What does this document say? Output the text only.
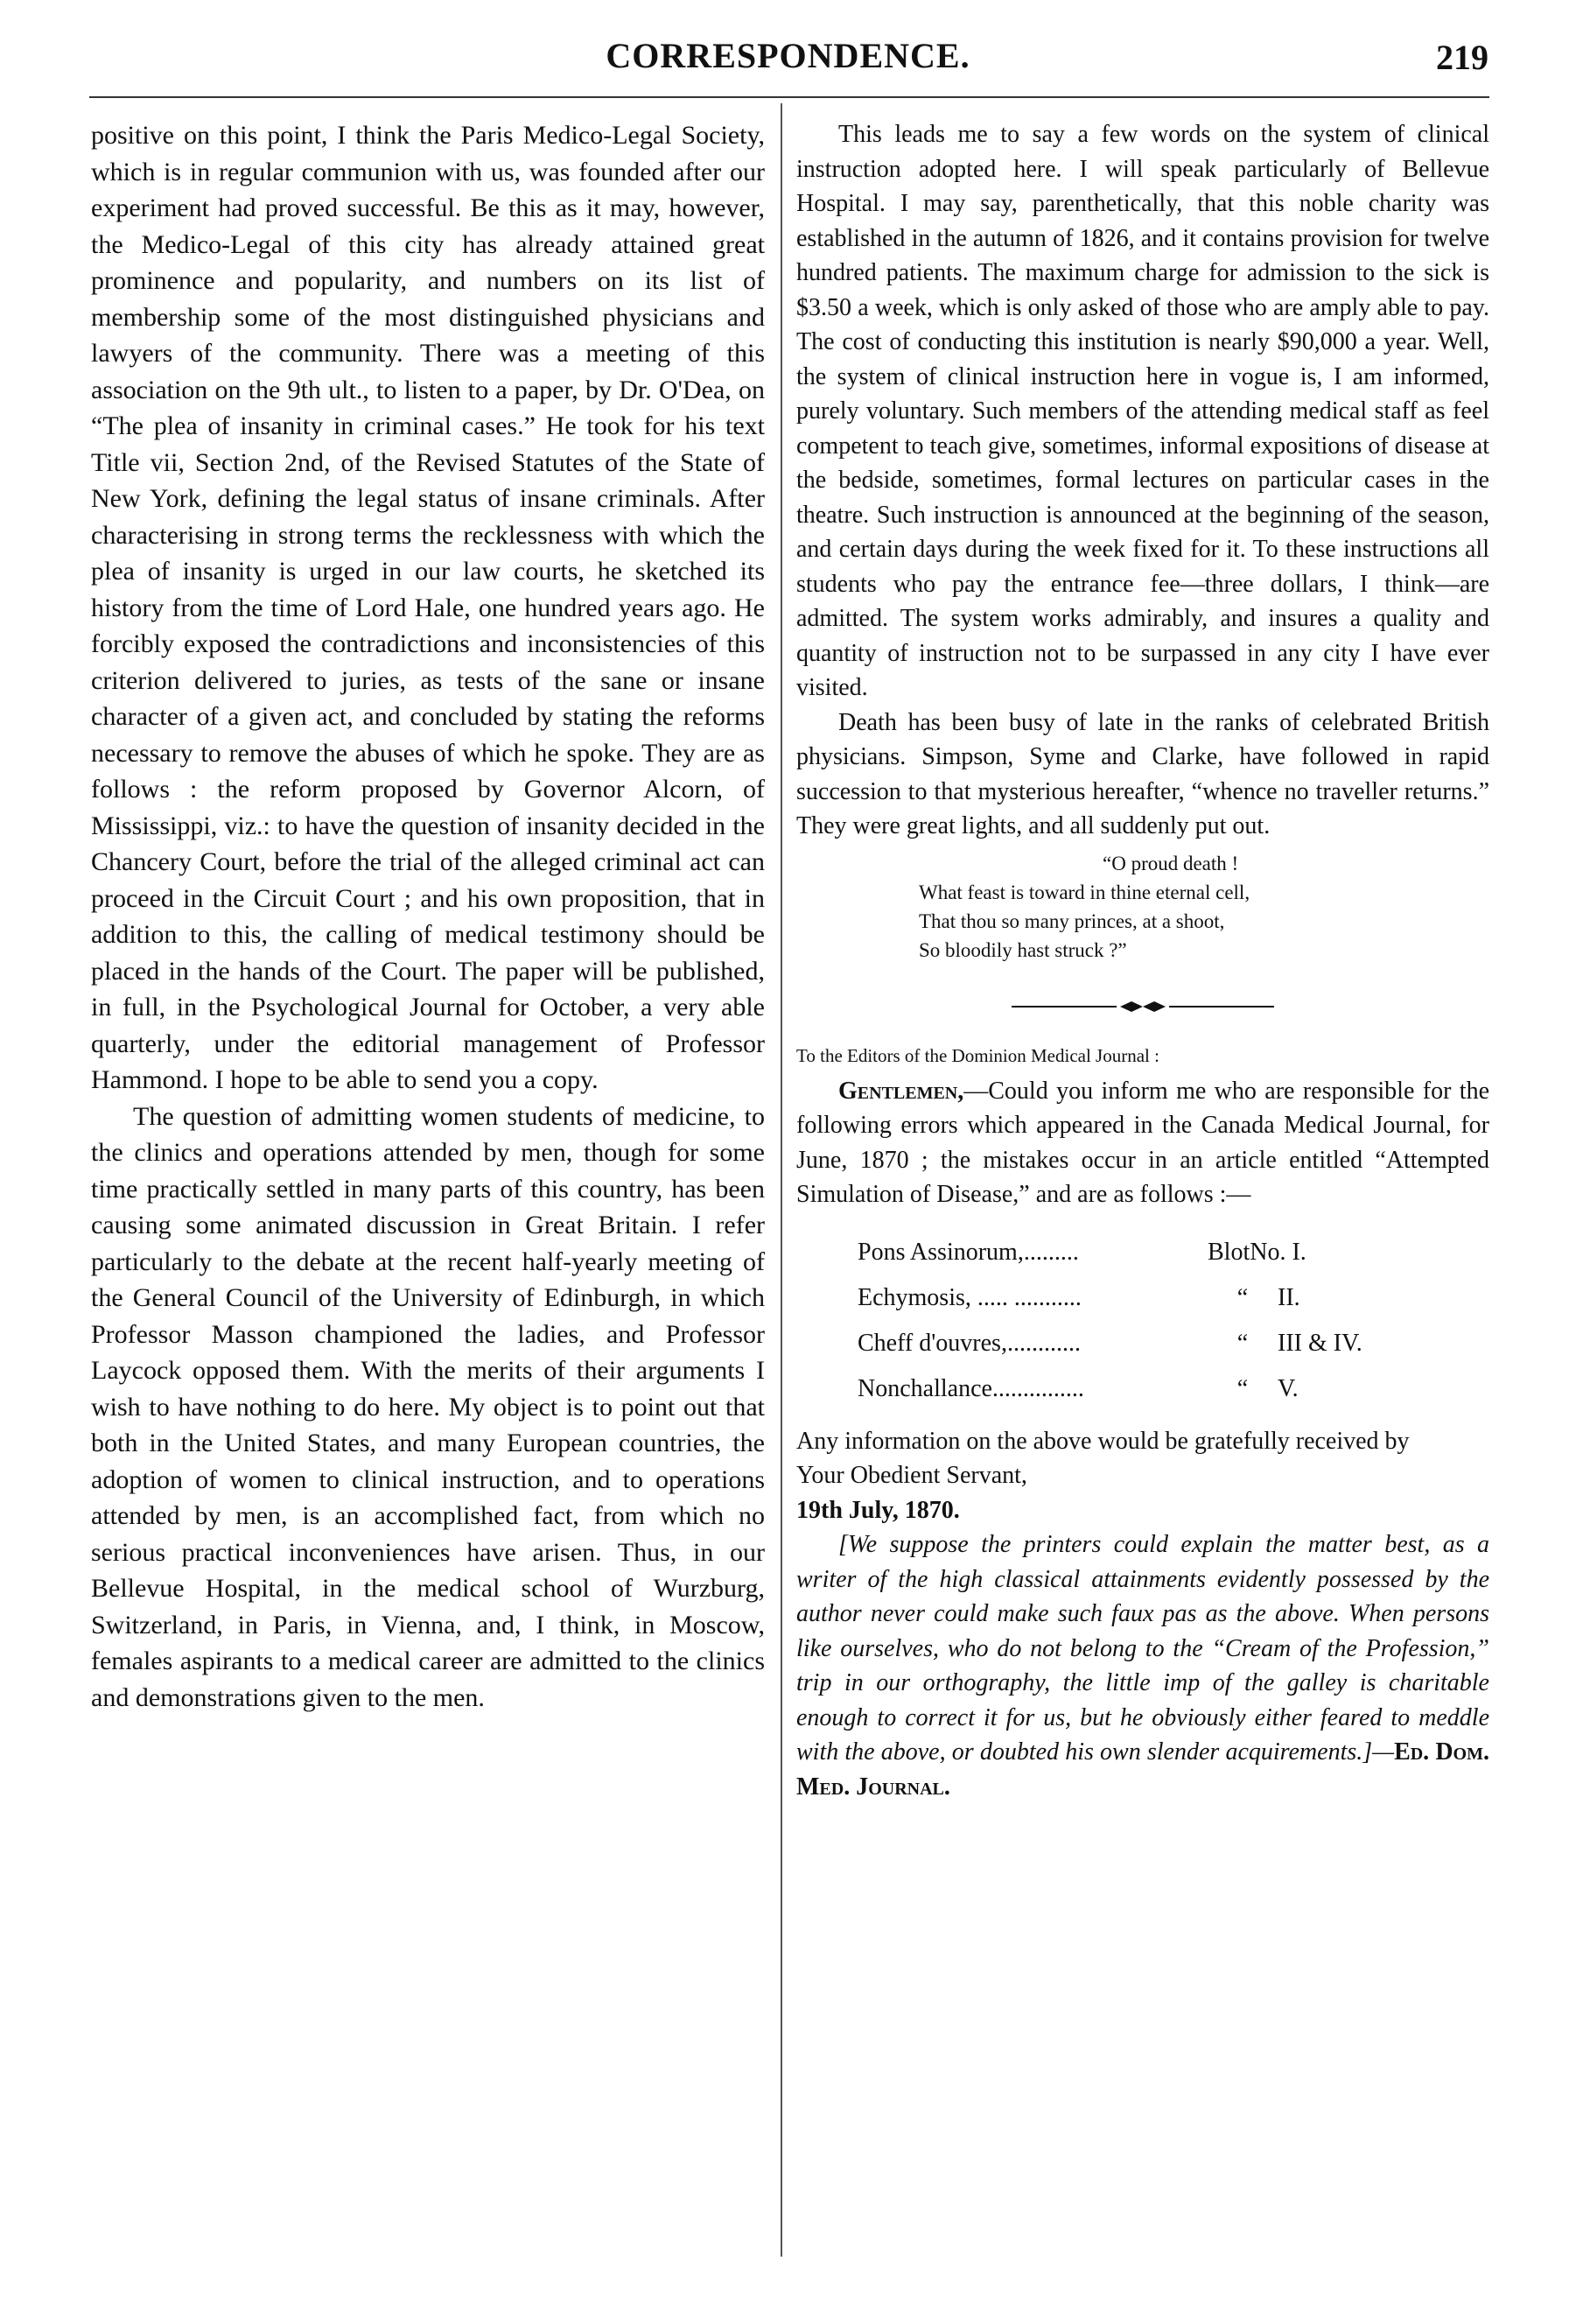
CORRESPONDENCE.	219

positive on this point, I think the Paris Medico-Legal Society, which is in regular communion with us, was founded after our experiment had proved successful. Be this as it may, however, the Medico-Legal of this city has already attained great prominence and popularity, and numbers on its list of membership some of the most distinguished physicians and lawyers of the community. There was a meeting of this association on the 9th ult., to listen to a paper, by Dr. O'Dea, on “The plea of insanity in criminal cases.” He took for his text Title vii, Section 2nd, of the Revised Statutes of the State of New York, defining the legal status of insane criminals. After characterising in strong terms the recklessness with which the plea of insanity is urged in our law courts, he sketched its history from the time of Lord Hale, one hundred years ago. He forcibly exposed the contradictions and inconsistencies of this criterion delivered to juries, as tests of the sane or insane character of a given act, and concluded by stating the reforms necessary to remove the abuses of which he spoke. They are as follows : the reform proposed by Governor Alcorn, of Mississippi, viz.: to have the question of insanity decided in the Chancery Court, before the trial of the alleged criminal act can proceed in the Circuit Court ; and his own proposition, that in addition to this, the calling of medical testimony should be placed in the hands of the Court. The paper will be published, in full, in the Psychological Journal for October, a very able quarterly, under the editorial management of Professor Hammond. I hope to be able to send you a copy.

The question of admitting women students of medicine, to the clinics and operations attended by men, though for some time practically settled in many parts of this country, has been causing some animated discussion in Great Britain. I refer particularly to the debate at the recent half-yearly meeting of the General Council of the University of Edinburgh, in which Professor Masson championed the ladies, and Professor Laycock opposed them. With the merits of their arguments I wish to have nothing to do here. My object is to point out that both in the United States, and many European countries, the adoption of women to clinical instruction, and to operations attended by men, is an accomplished fact, from which no serious practical inconveniences have arisen. Thus, in our Bellevue Hospital, in the medical school of Wurzburg, Switzerland, in Paris, in Vienna, and, I think, in Moscow, females aspirants to a medical career are admitted to the clinics and demonstrations given to the men.

This leads me to say a few words on the system of clinical instruction adopted here. I will speak particularly of Bellevue Hospital. I may say, parenthetically, that this noble charity was established in the autumn of 1826, and it contains provision for twelve hundred patients. The maximum charge for admission to the sick is $3.50 a week, which is only asked of those who are amply able to pay. The cost of conducting this institution is nearly $90,000 a year. Well, the system of clinical instruction here in vogue is, I am informed, purely voluntary. Such members of the attending medical staff as feel competent to teach give, sometimes, informal expositions of disease at the bedside, sometimes, formal lectures on particular cases in the theatre. Such instruction is announced at the beginning of the season, and certain days during the week fixed for it. To these instructions all students who pay the entrance fee—three dollars, I think—are admitted. The system works admirably, and insures a quality and quantity of instruction not to be surpassed in any city I have ever visited.

Death has been busy of late in the ranks of celebrated British physicians. Simpson, Syme and Clarke, have followed in rapid succession to that mysterious hereafter, “whence no traveller returns.” They were great lights, and all suddenly put out.

“O proud death !
What feast is toward in thine eternal cell,
That thou so many princes, at a shoot,
So bloodily hast struck ?”

To the Editors of the Dominion Medical Journal :

Gentlemen,—Could you inform me who are responsible for the following errors which appeared in the Canada Medical Journal, for June, 1870 ; the mistakes occur in an article entitled “Attempted Simulation of Disease,” and are as follows :—

Pons Assinorum,.........	Blot No. I.
Echymosis, ..... ...........	“	II.
Cheff d'ouvres,............	“	III & IV.
Nonchallance...............	“	V.

Any information on the above would be gratefully received by

Your Obedient Servant,

19th July, 1870.

[We suppose the printers could explain the matter best, as a writer of the high classical attainments evidently possessed by the author never could make such faux pas as the above. When persons like ourselves, who do not belong to the “Cream of the Profession,” trip in our orthography, the little imp of the galley is charitable enough to correct it for us, but he obviously either feared to meddle with the above, or doubted his own slender acquirements.]—Ed. Dom. Med. Journal.
